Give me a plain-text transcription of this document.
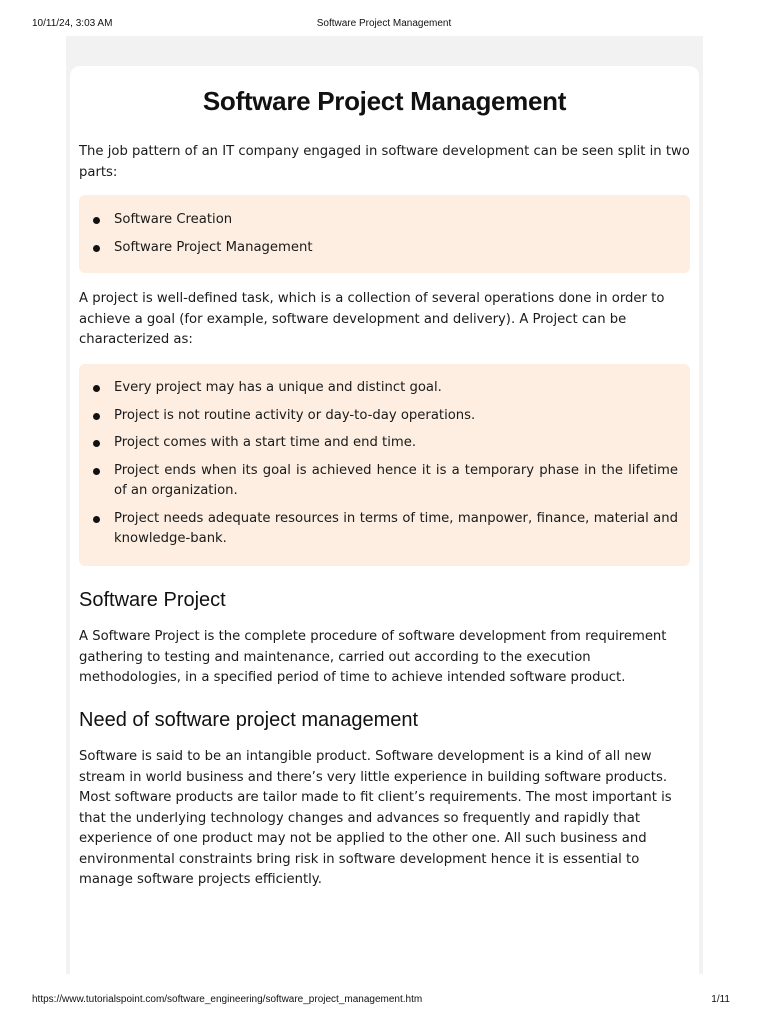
10/11/24, 3:03 AM	Software Project Management
Software Project Management

The job pattern of an IT company engaged in software development can be seen split in two parts:

Software Creation
Software Project Management

A project is well-defined task, which is a collection of several operations done in order to achieve a goal (for example, software development and delivery). A Project can be characterized as:

Every project may has a unique and distinct goal.
Project is not routine activity or day-to-day operations.
Project comes with a start time and end time.
Project ends when its goal is achieved hence it is a temporary phase in the lifetime of an organization.
Project needs adequate resources in terms of time, manpower, finance, material and knowledge-bank.
Software Project

A Software Project is the complete procedure of software development from requirement gathering to testing and maintenance, carried out according to the execution methodologies, in a specified period of time to achieve intended software product.

Need of software project management

Software is said to be an intangible product. Software development is a kind of all new stream in world business and there’s very little experience in building software products. Most software products are tailor made to fit client’s requirements. The most important is that the underlying technology changes and advances so frequently and rapidly that experience of one product may not be applied to the other one. All such business and environmental constraints bring risk in software development hence it is essential to manage software projects efficiently.

https://www.tutorialspoint.com/software_engineering/software_project_management.htm	1/11
